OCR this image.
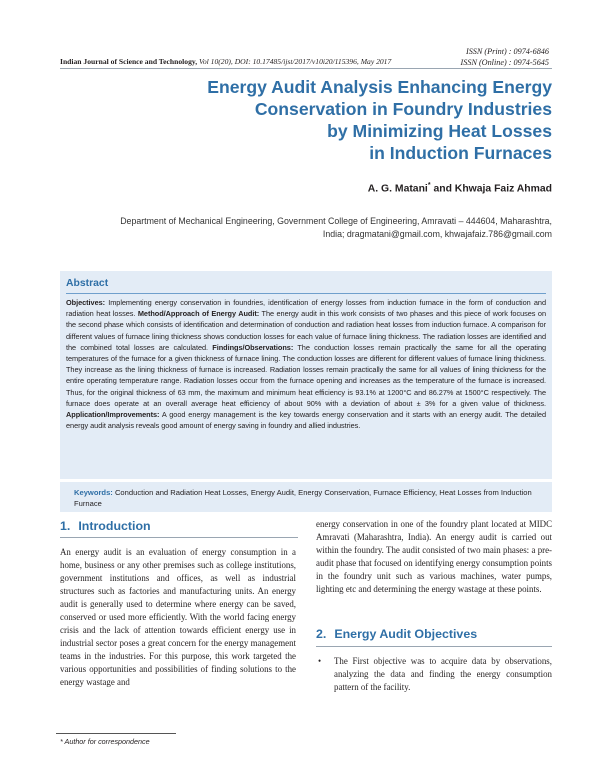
ISSN (Print) : 0974-6846
ISSN (Online) : 0974-5645
Indian Journal of Science and Technology, Vol 10(20), DOI: 10.17485/ijst/2017/v10i20/115396, May 2017
Energy Audit Analysis Enhancing Energy
Conservation in Foundry Industries
by Minimizing Heat Losses
in Induction Furnaces
A. G. Matani* and Khwaja Faiz Ahmad
Department of Mechanical Engineering, Government College of Engineering, Amravati – 444604, Maharashtra,
India; dragmatani@gmail.com, khwajafaiz.786@gmail.com
Abstract
Objectives: Implementing energy conservation in foundries, identification of energy losses from induction furnace in the form of conduction and radiation heat losses. Method/Approach of Energy Audit: The energy audit in this work consists of two phases and this piece of work focuses on the second phase which consists of identification and determination of conduction and radiation heat losses from induction furnace. A comparison for different values of furnace lining thickness shows conduction losses for each value of furnace lining thickness. The radiation losses are identified and the combined total losses are calculated. Findings/Observations: The conduction losses remain practically the same for all the operating temperatures of the furnace for a given thickness of furnace lining. The conduction losses are different for different values of furnace lining thickness. They increase as the lining thickness of furnace is increased. Radiation losses remain practically the same for all values of lining thickness for the entire operating temperature range. Radiation losses occur from the furnace opening and increases as the temperature of the furnace is increased. Thus, for the original thickness of 63 mm, the maximum and minimum heat efficiency is 93.1% at 1200°C and 86.27% at 1500°C respectively. The furnace does operate at an overall average heat efficiency of about 90% with a deviation of about ± 3% for a given value of thickness. Application/Improvements: A good energy management is the key towards energy conservation and it starts with an energy audit. The detailed energy audit analysis reveals good amount of energy saving in foundry and allied industries.
Keywords: Conduction and Radiation Heat Losses, Energy Audit, Energy Conservation, Furnace Efficiency, Heat Losses from Induction Furnace
1. Introduction

An energy audit is an evaluation of energy consumption in a home, business or any other premises such as college institutions, government institutions and offices, as well as industrial structures such as factories and manufacturing units. An energy audit is generally used to determine where energy can be saved, conserved or used more efficiently. With the world facing energy crisis and the lack of attention towards efficient energy use in industrial sector poses a great concern for the energy management teams in the industries. For this purpose, this work targeted the various opportunities and possibilities of finding solutions to the energy wastage and

energy conservation in one of the foundry plant located at MIDC Amravati (Maharashtra, India). An energy audit is carried out within the foundry. The audit consisted of two main phases: a pre-audit phase that focused on identifying energy consumption points in the foundry unit such as various machines, water pumps, lighting etc and determining the energy wastage at these points.

2. Energy Audit Objectives

• The First objective was to acquire data by observations, analyzing the data and finding the energy consumption pattern of the facility.

* Author for correspondence
